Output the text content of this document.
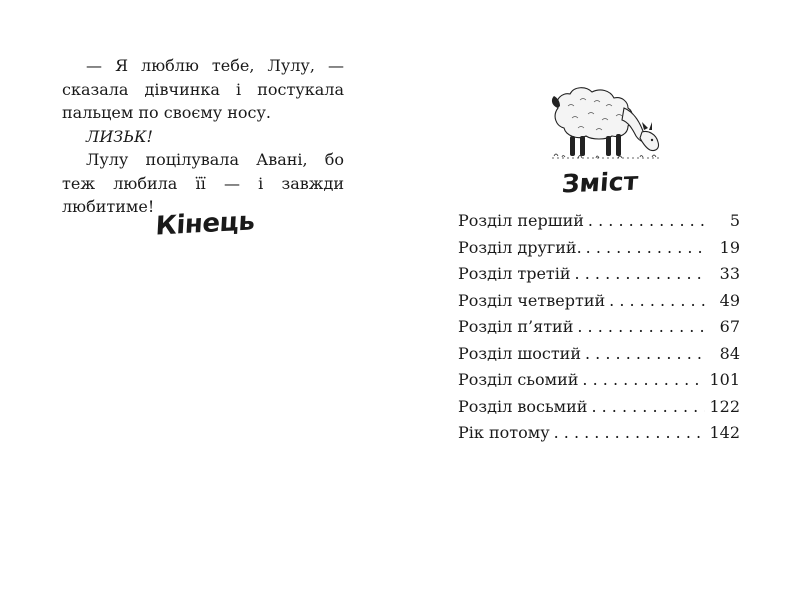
— Я люблю тебе, Лулу, — сказала дівчинка і постукала пальцем по своєму носу.

ЛИЗЬК!

Лулу поцілувала Авані, бо теж любила її — і завжди любитиме! Кінець
Зміст
Розділ перший . . .	5
Розділ другий. . . .	19
Розділ третій . . .	33
Розділ четвертий . . .	49
Розділ п’ятий . . .	67
Розділ шостий . . .	84
Розділ сьомий . . .	101
Розділ восьмий . . .	122
Рік потому . . .	142
